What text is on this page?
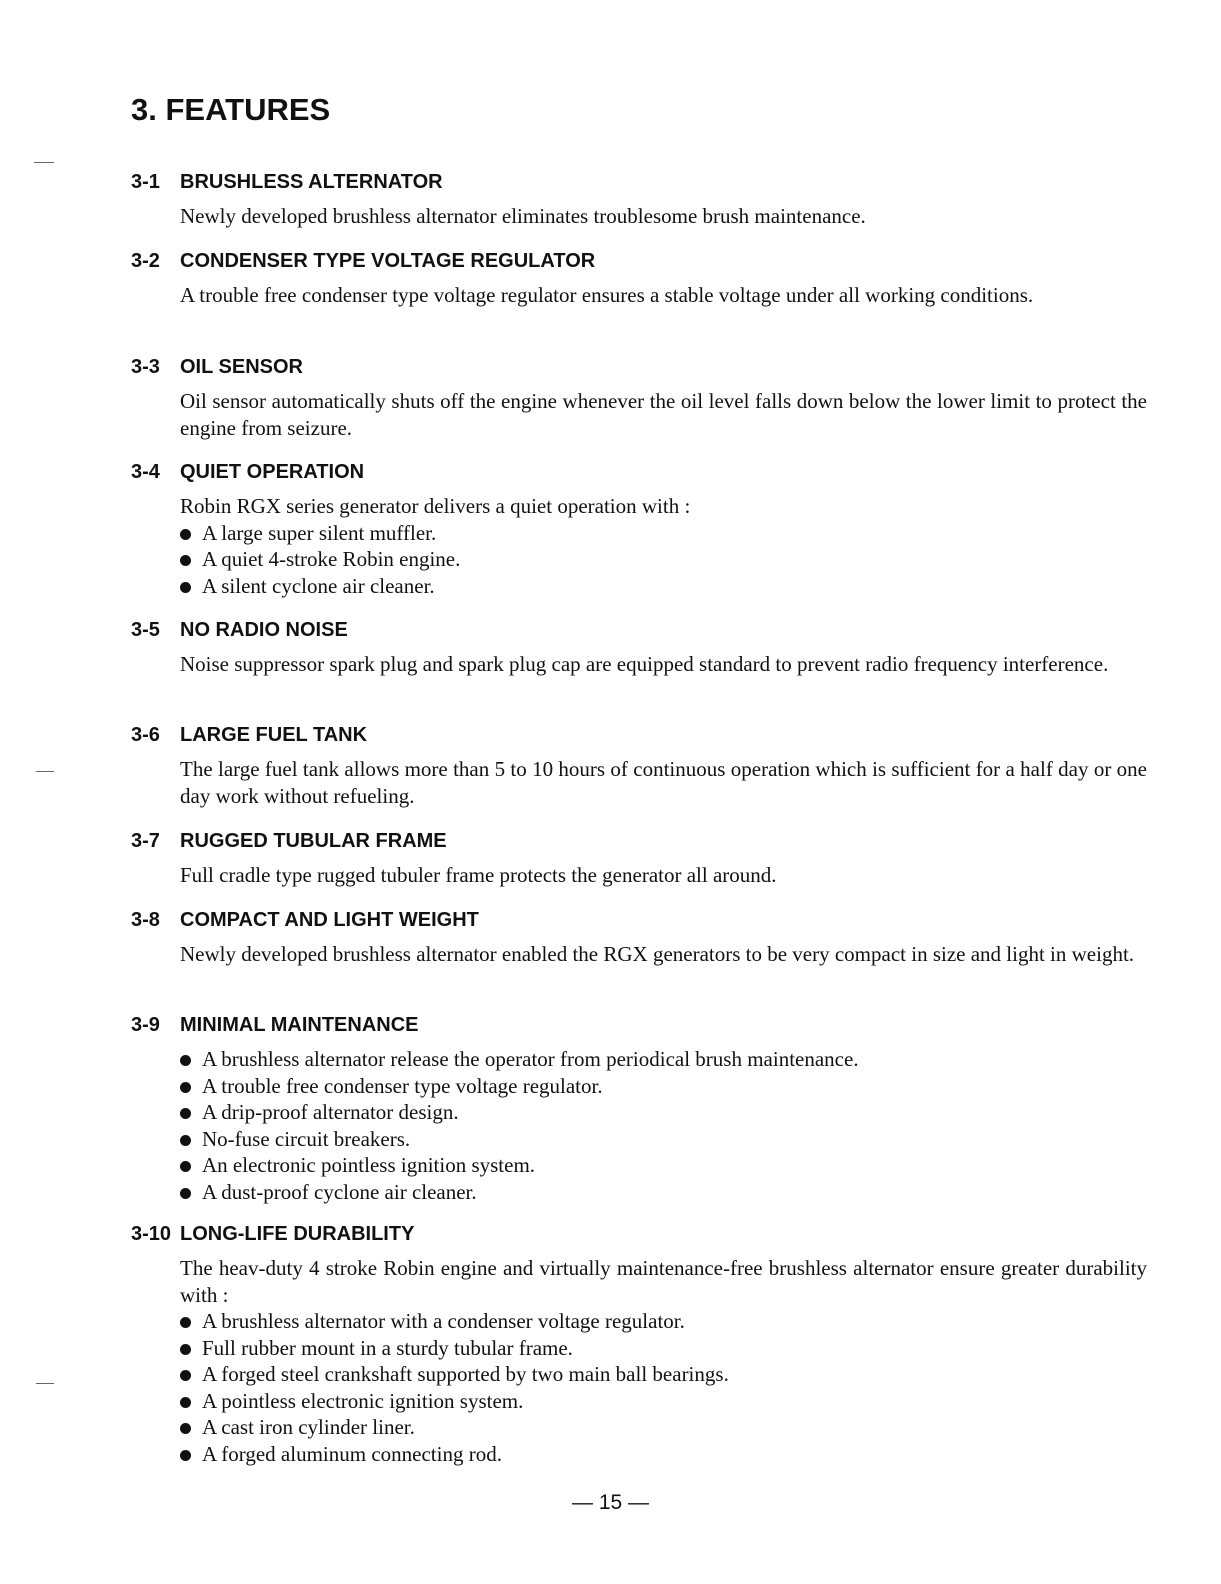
3. FEATURES
3-1 BRUSHLESS ALTERNATOR
Newly developed brushless alternator eliminates troublesome brush maintenance.
3-2 CONDENSER TYPE VOLTAGE REGULATOR
A trouble free condenser type voltage regulator ensures a stable voltage under all working conditions.
3-3 OIL SENSOR
Oil sensor automatically shuts off the engine whenever the oil level falls down below the lower limit to protect the engine from seizure.
3-4 QUIET OPERATION
Robin RGX series generator delivers a quiet operation with :
A large super silent muffler.
A quiet 4-stroke Robin engine.
A silent cyclone air cleaner.
3-5 NO RADIO NOISE
Noise suppressor spark plug and spark plug cap are equipped standard to prevent radio frequency interference.
3-6 LARGE FUEL TANK
The large fuel tank allows more than 5 to 10 hours of continuous operation which is sufficient for a half day or one day work without refueling.
3-7 RUGGED TUBULAR FRAME
Full cradle type rugged tubuler frame protects the generator all around.
3-8 COMPACT AND LIGHT WEIGHT
Newly developed brushless alternator enabled the RGX generators to be very compact in size and light in weight.
3-9 MINIMAL MAINTENANCE
A brushless alternator release the operator from periodical brush maintenance.
A trouble free condenser type voltage regulator.
A drip-proof alternator design.
No-fuse circuit breakers.
An electronic pointless ignition system.
A dust-proof cyclone air cleaner.
3-10 LONG-LIFE DURABILITY
The heav-duty 4 stroke Robin engine and virtually maintenance-free brushless alternator ensure greater durability with :
A brushless alternator with a condenser voltage regulator.
Full rubber mount in a sturdy tubular frame.
A forged steel crankshaft supported by two main ball bearings.
A pointless electronic ignition system.
A cast iron cylinder liner.
A forged aluminum connecting rod.
— 15 —
